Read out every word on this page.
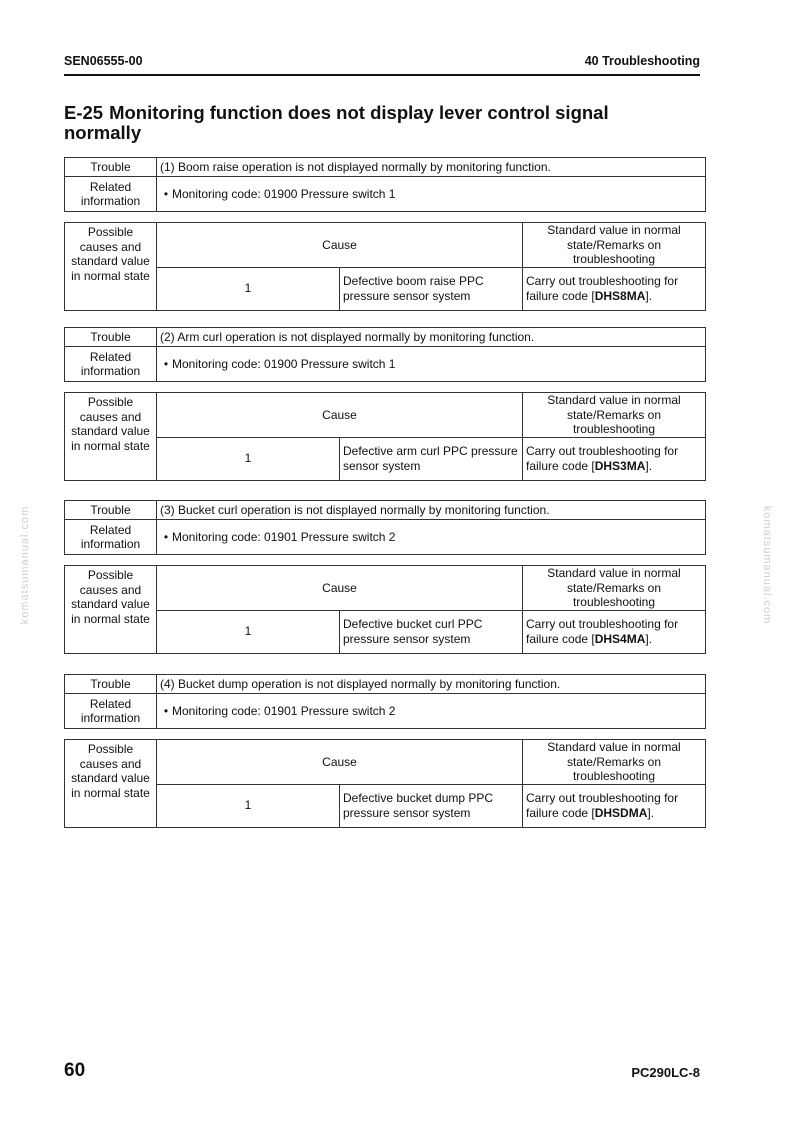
SEN06555-00	40 Troubleshooting
E-25 Monitoring function does not display lever control signal normally
komatsumanual.com	komatsumanual.com
Trouble	(1) Boom raise operation is not displayed normally by monitoring function.
Related information	• Monitoring code: 01900 Pressure switch 1
Possible causes and standard value in normal state	Cause		Standard value in normal state/Remarks on troubleshooting
	1	Defective boom raise PPC pressure sensor system	Carry out troubleshooting for failure code [DHS8MA].
Trouble	(2) Arm curl operation is not displayed normally by monitoring function.
Related information	• Monitoring code: 01900 Pressure switch 1
Possible causes and standard value in normal state	Cause		Standard value in normal state/Remarks on troubleshooting
	1	Defective arm curl PPC pressure sensor system	Carry out troubleshooting for failure code [DHS3MA].
Trouble	(3) Bucket curl operation is not displayed normally by monitoring function.
Related information	• Monitoring code: 01901 Pressure switch 2
Possible causes and standard value in normal state	Cause		Standard value in normal state/Remarks on troubleshooting
	1	Defective bucket curl PPC pressure sensor system	Carry out troubleshooting for failure code [DHS4MA].
Trouble	(4) Bucket dump operation is not displayed normally by monitoring function.
Related information	• Monitoring code: 01901 Pressure switch 2
Possible causes and standard value in normal state	Cause		Standard value in normal state/Remarks on troubleshooting
	1	Defective bucket dump PPC pressure sensor system	Carry out troubleshooting for failure code [DHSDMA].
60	PC290LC-8
